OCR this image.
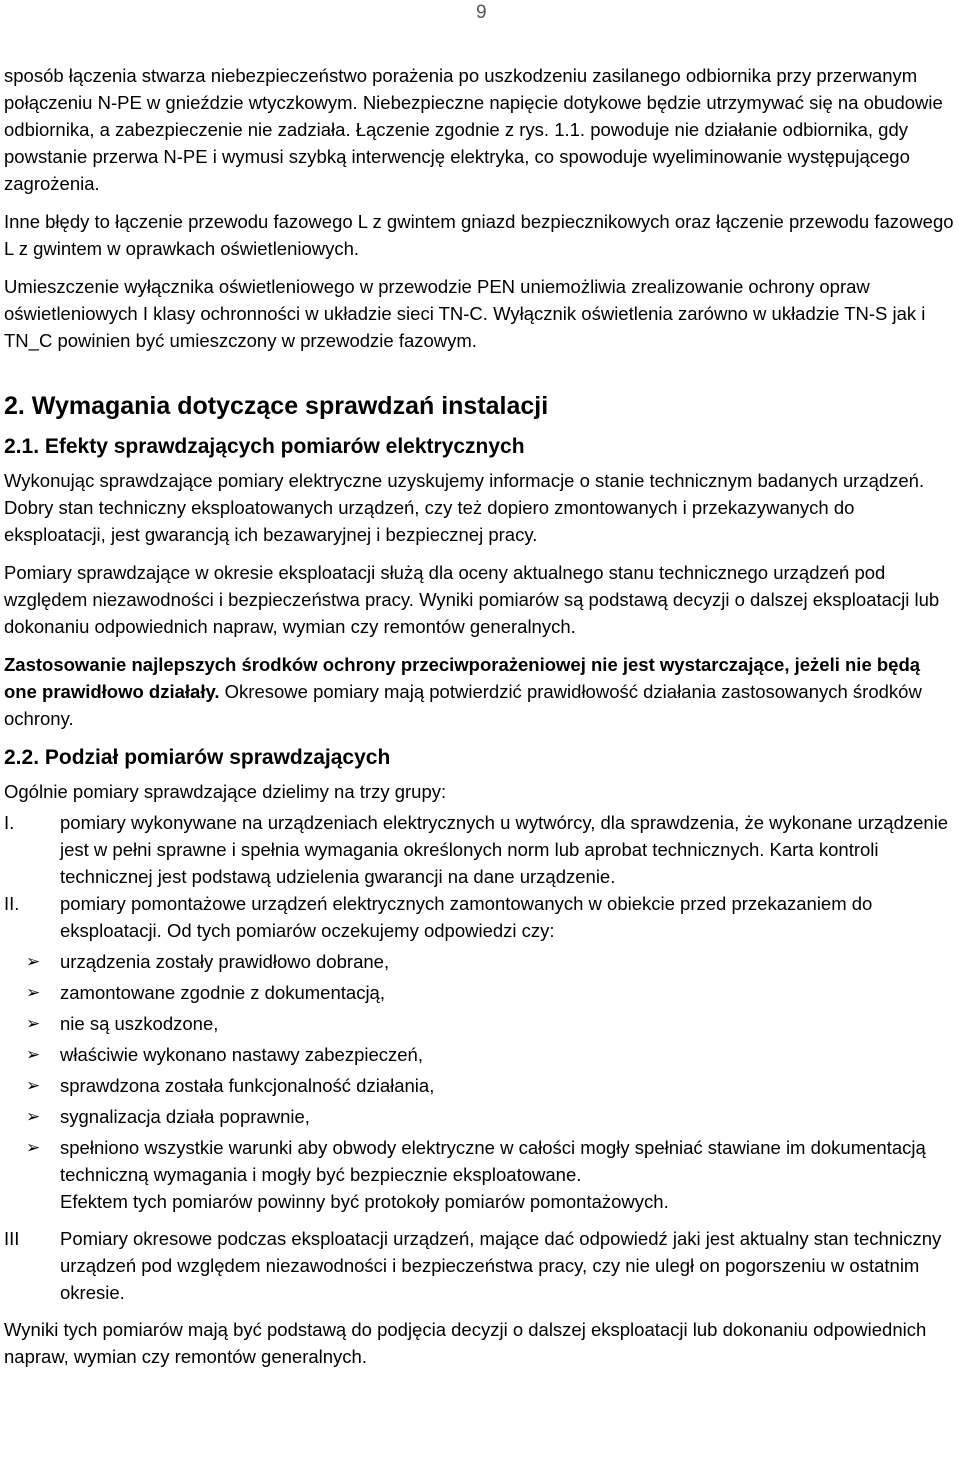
9

sposób łączenia stwarza niebezpieczeństwo porażenia po uszkodzeniu zasilanego odbiornika przy przerwanym połączeniu N-PE w gnieździe wtyczkowym. Niebezpieczne napięcie dotykowe będzie utrzymywać się na obudowie odbiornika, a zabezpieczenie nie zadziała. Łączenie zgodnie z rys. 1.1. powoduje nie działanie odbiornika, gdy powstanie przerwa N-PE i wymusi szybką interwencję elektryka, co spowoduje wyeliminowanie występującego zagrożenia.

Inne błędy to łączenie przewodu fazowego L z gwintem gniazd bezpiecznikowych oraz łączenie przewodu fazowego L z gwintem w oprawkach oświetleniowych.

Umieszczenie wyłącznika oświetleniowego w przewodzie PEN uniemożliwia zrealizowanie ochrony opraw oświetleniowych I klasy ochronności w układzie sieci TN-C. Wyłącznik oświetlenia zarówno w układzie TN-S jak i TN_C powinien być umieszczony w przewodzie fazowym.

2. Wymagania dotyczące sprawdzań instalacji
2.1. Efekty sprawdzających pomiarów elektrycznych

Wykonując sprawdzające pomiary elektryczne uzyskujemy informacje o stanie technicznym badanych urządzeń. Dobry stan techniczny eksploatowanych urządzeń, czy też dopiero zmontowanych i przekazywanych do eksploatacji, jest gwarancją ich bezawaryjnej i bezpiecznej pracy.

Pomiary sprawdzające w okresie eksploatacji służą dla oceny aktualnego stanu technicznego urządzeń pod względem niezawodności i bezpieczeństwa pracy. Wyniki pomiarów są podstawą decyzji o dalszej eksploatacji lub dokonaniu odpowiednich napraw, wymian czy remontów generalnych.

Zastosowanie najlepszych środków ochrony przeciwporażeniowej nie jest wystarczające, jeżeli nie będą one prawidłowo działały. Okresowe pomiary mają potwierdzić prawidłowość działania zastosowanych środków ochrony.

2.2. Podział pomiarów sprawdzających

Ogólnie pomiary sprawdzające dzielimy na trzy grupy:

I. pomiary wykonywane na urządzeniach elektrycznych u wytwórcy, dla sprawdzenia, że wykonane urządzenie jest w pełni sprawne i spełnia wymagania określonych norm lub aprobat technicznych. Karta kontroli technicznej jest podstawą udzielenia gwarancji na dane urządzenie.
II. pomiary pomontażowe urządzeń elektrycznych zamontowanych w obiekcie przed przekazaniem do eksploatacji. Od tych pomiarów oczekujemy odpowiedzi czy:
➢ urządzenia zostały prawidłowo dobrane,
➢ zamontowane zgodnie z dokumentacją,
➢ nie są uszkodzone,
➢ właściwie wykonano nastawy zabezpieczeń,
➢ sprawdzona została funkcjonalność działania,
➢ sygnalizacja działa poprawnie,
➢ spełniono wszystkie warunki aby obwody elektryczne w całości mogły spełniać stawiane im dokumentacją techniczną wymagania i mogły być bezpiecznie eksploatowane.
Efektem tych pomiarów powinny być protokoły pomiarów pomontażowych.
III Pomiary okresowe podczas eksploatacji urządzeń, mające dać odpowiedź jaki jest aktualny stan techniczny urządzeń pod względem niezawodności i bezpieczeństwa pracy, czy nie uległ on pogorszeniu w ostatnim okresie.

Wyniki tych pomiarów mają być podstawą do podjęcia decyzji o dalszej eksploatacji lub dokonaniu odpowiednich napraw, wymian czy remontów generalnych.
